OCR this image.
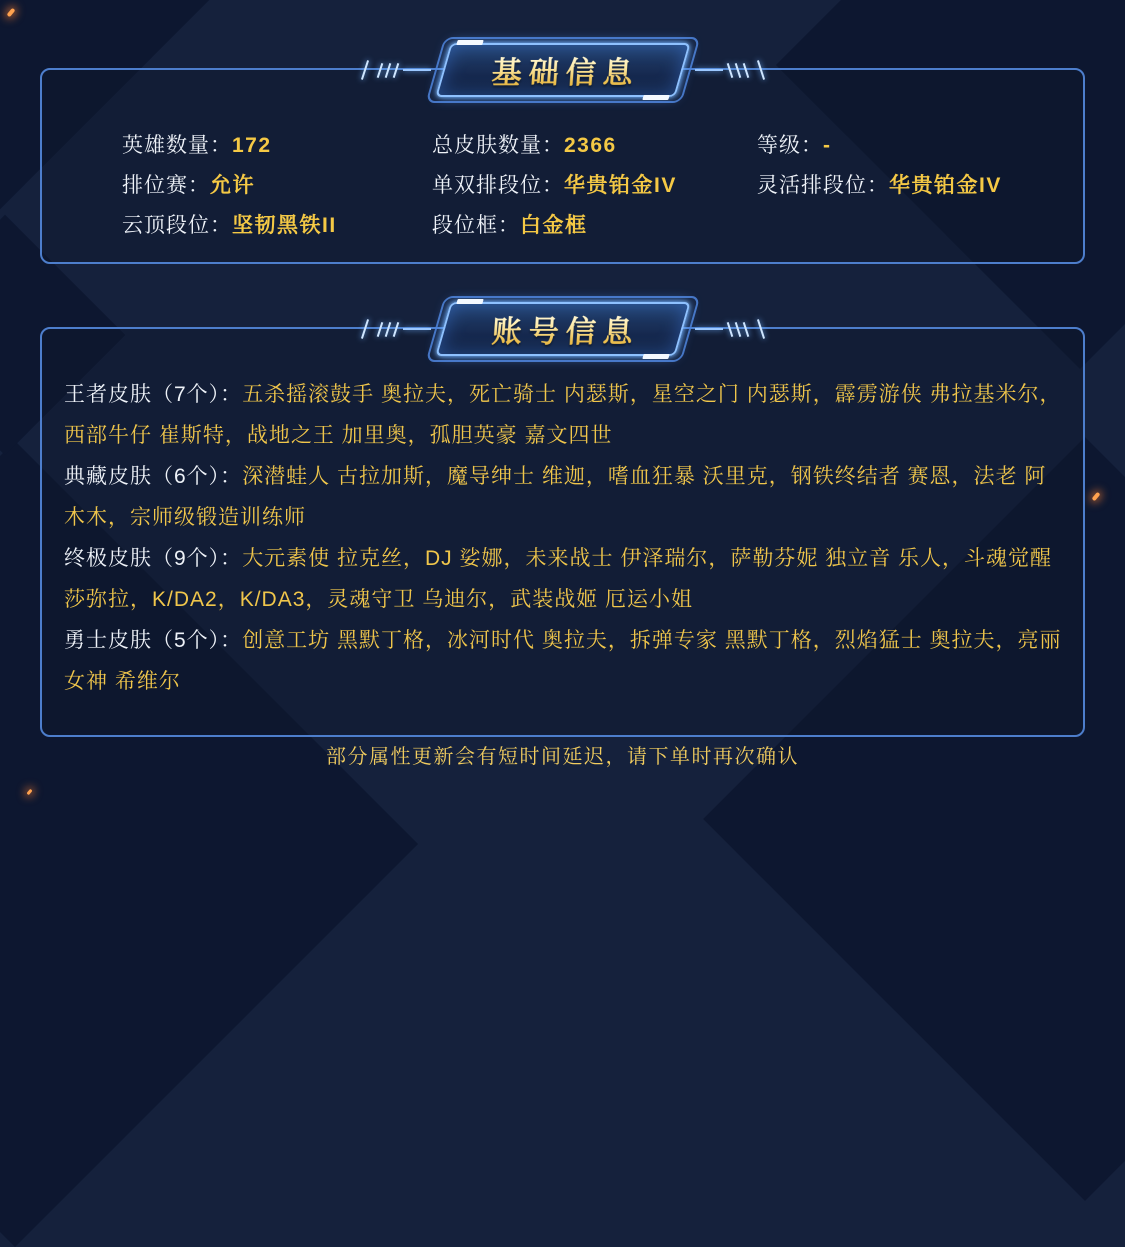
基础信息
英雄数量：172	总皮肤数量：2366	等级：-
排位赛：允许	单双排段位：华贵铂金IV	灵活排段位：华贵铂金IV
云顶段位：坚韧黑铁II	段位框：白金框
账号信息

王者皮肤（7个）：五杀摇滚鼓手 奥拉夫，死亡骑士 内瑟斯，星空之门 内瑟斯，霹雳游侠 弗拉基米尔，西部牛仔 崔斯特，战地之王 加里奥，孤胆英豪 嘉文四世

典藏皮肤（6个）：深潜蛙人 古拉加斯，魔导绅士 维迦，嗜血狂暴 沃里克，钢铁终结者 赛恩，法老 阿木木，宗师级锻造训练师

终极皮肤（9个）：大元素使 拉克丝，DJ 娑娜，未来战士 伊泽瑞尔，萨勒芬妮 独立音 乐人，斗魂觉醒 莎弥拉，K/DA2，K/DA3，灵魂守卫 乌迪尔，武装战姬 厄运小姐

勇士皮肤（5个）：创意工坊 黑默丁格，冰河时代 奥拉夫，拆弹专家 黑默丁格，烈焰猛士 奥拉夫，亮丽女神 希维尔

部分属性更新会有短时间延迟，请下单时再次确认
